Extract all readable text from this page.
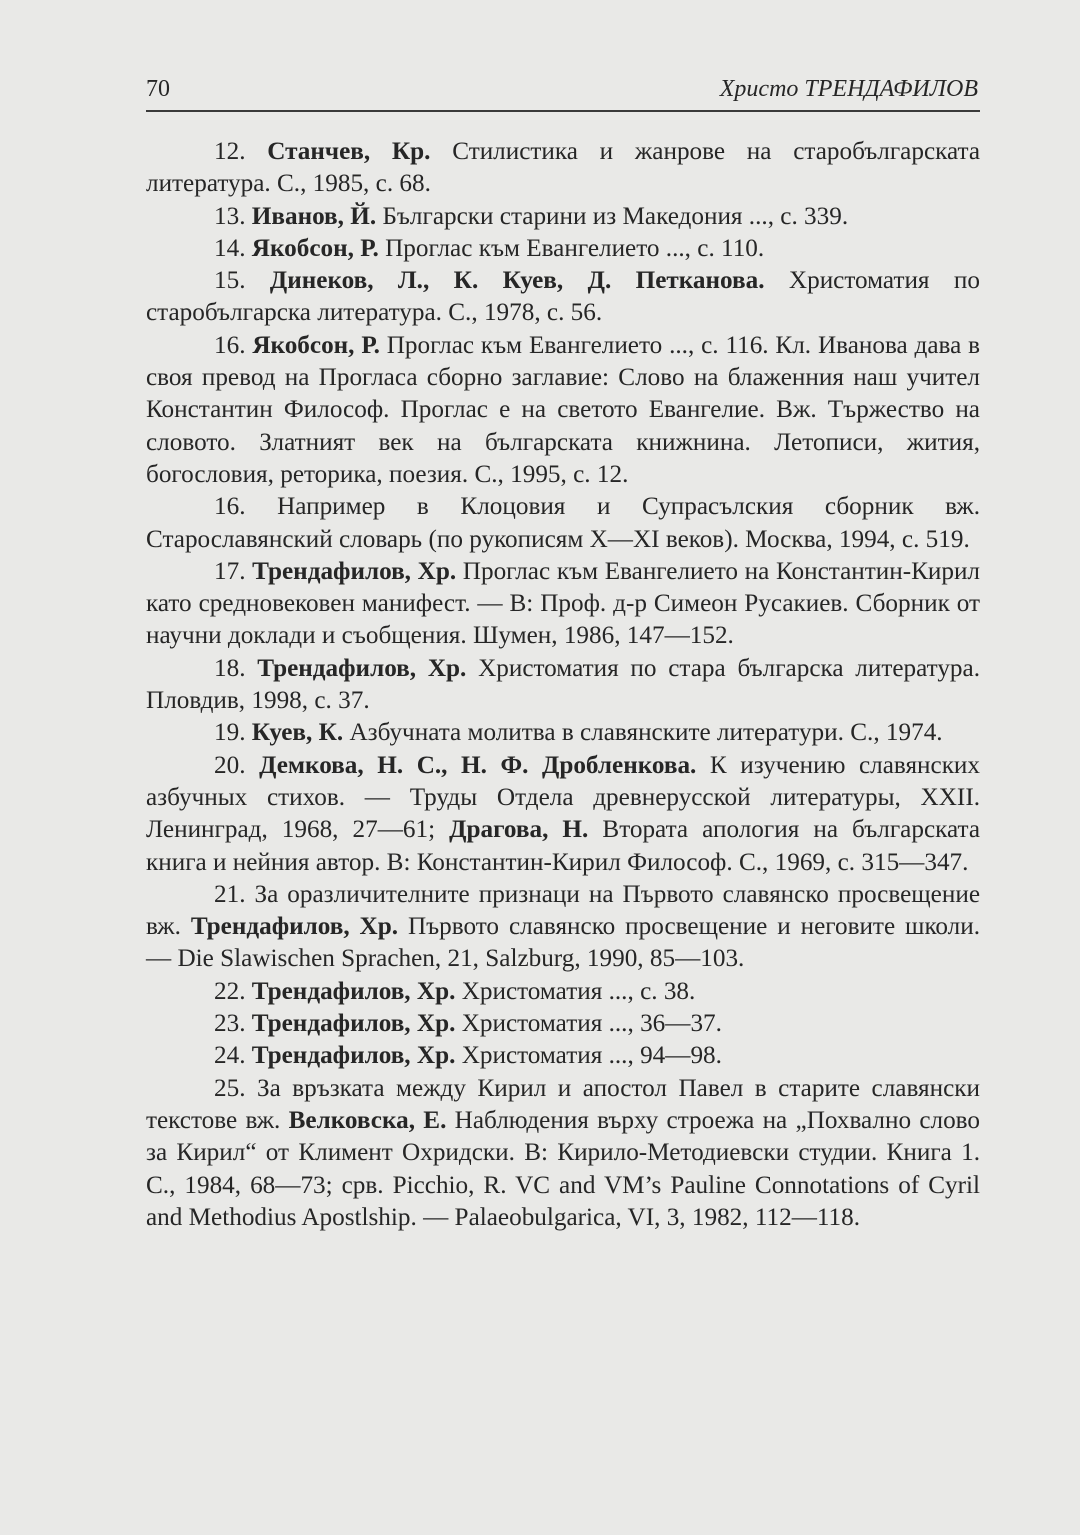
70	Христо ТРЕНДАФИЛОВ

12. Станчев, Кр. Стилистика и жанрове на старобългарската литература. С., 1985, с. 68.

13. Иванов, Й. Български старини из Македония ..., с. 339.

14. Якобсон, Р. Проглас към Евангелието ..., с. 110.

15. Динеков, Л., К. Куев, Д. Петканова. Христоматия по старобългарска литература. С., 1978, с. 56.

16. Якобсон, Р. Проглас към Евангелието ..., с. 116. Кл. Иванова дава в своя превод на Прогласа сборно заглавие: Слово на блаженния наш учител Константин Философ. Проглас е на светото Евангелие. Вж. Тържество на словото. Златният век на българската книжнина. Летописи, жития, богословия, реторика, поезия. С., 1995, с. 12.

16. Например в Клоцовия и Супрасълския сборник вж. Старославянский словарь (по рукописям X—XI веков). Москва, 1994, с. 519.

17. Трендафилов, Хр. Проглас към Евангелието на Константин-Кирил като средновековен манифест. — В: Проф. д-р Симеон Русакиев. Сборник от научни доклади и съобщения. Шумен, 1986, 147—152.

18. Трендафилов, Хр. Христоматия по стара българска литература. Пловдив, 1998, с. 37.

19. Куев, К. Азбучната молитва в славянските литератури. С., 1974.

20. Демкова, Н. С., Н. Ф. Дробленкова. К изучению славянских азбучных стихов. — Труды Отдела древнерусской литературы, XXII. Ленинград, 1968, 27—61; Драгова, Н. Втората апология на българската книга и нейния автор. В: Константин-Кирил Философ. С., 1969, с. 315—347.

21. За оразличителните признаци на Първото славянско просвещение вж. Трендафилов, Хр. Първото славянско просвещение и неговите школи. — Die Slawischen Sprachen, 21, Salzburg, 1990, 85—103.

22. Трендафилов, Хр. Христоматия ..., с. 38.

23. Трендафилов, Хр. Христоматия ..., 36—37.

24. Трендафилов, Хр. Христоматия ..., 94—98.

25. За връзката между Кирил и апостол Павел в старите славянски текстове вж. Велковска, Е. Наблюдения върху строежа на „Похвално слово за Кирил“ от Климент Охридски. В: Кирило-Методиевски студии. Книга 1. С., 1984, 68—73; срв. Picchio, R. VC and VM’s Pauline Connotations of Cyril and Methodius Apostlship. — Palaeobulgarica, VI, 3, 1982, 112—118.
